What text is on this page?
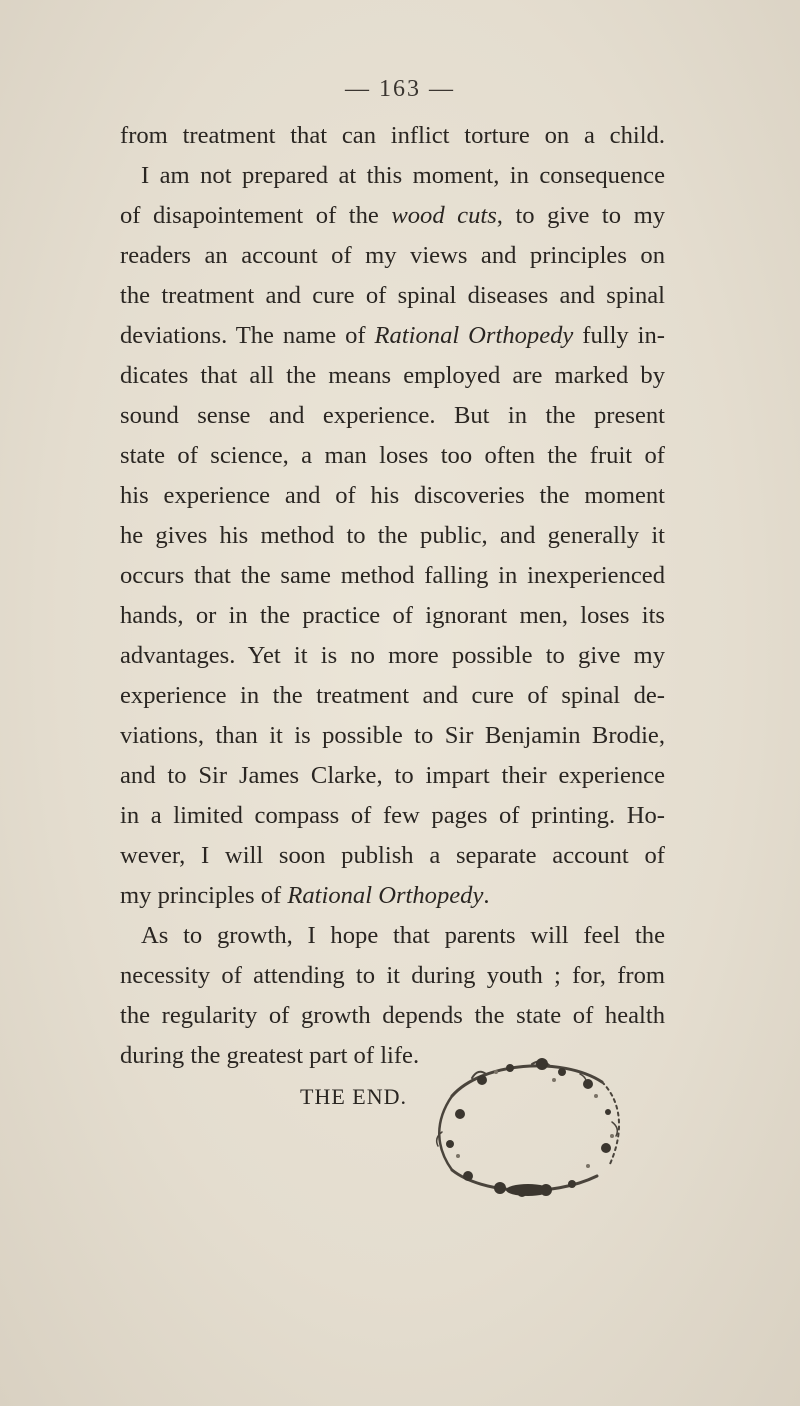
— 163 —
from treatment that can inflict torture on a child.
I am not prepared at this moment, in consequence
of disapointement of the wood cuts, to give to my
readers an account of my views and principles on
the treatment and cure of spinal diseases and spinal
deviations. The name of Rational Orthopedy fully in-
dicates that all the means employed are marked by
sound sense and experience. But in the present
state of science, a man loses too often the fruit of
his experience and of his discoveries the moment
he gives his method to the public, and generally it
occurs that the same method falling in inexperienced
hands, or in the practice of ignorant men, loses its
advantages. Yet it is no more possible to give my
experience in the treatment and cure of spinal de-
viations, than it is possible to Sir Benjamin Brodie,
and to Sir James Clarke, to impart their experience
in a limited compass of few pages of printing. Ho-
wever, I will soon publish a separate account of
my principles of Rational Orthopedy.
As to growth, I hope that parents will feel the
necessity of attending to it during youth ; for, from
the regularity of growth depends the state of health
during the greatest part of life.
THE END.
